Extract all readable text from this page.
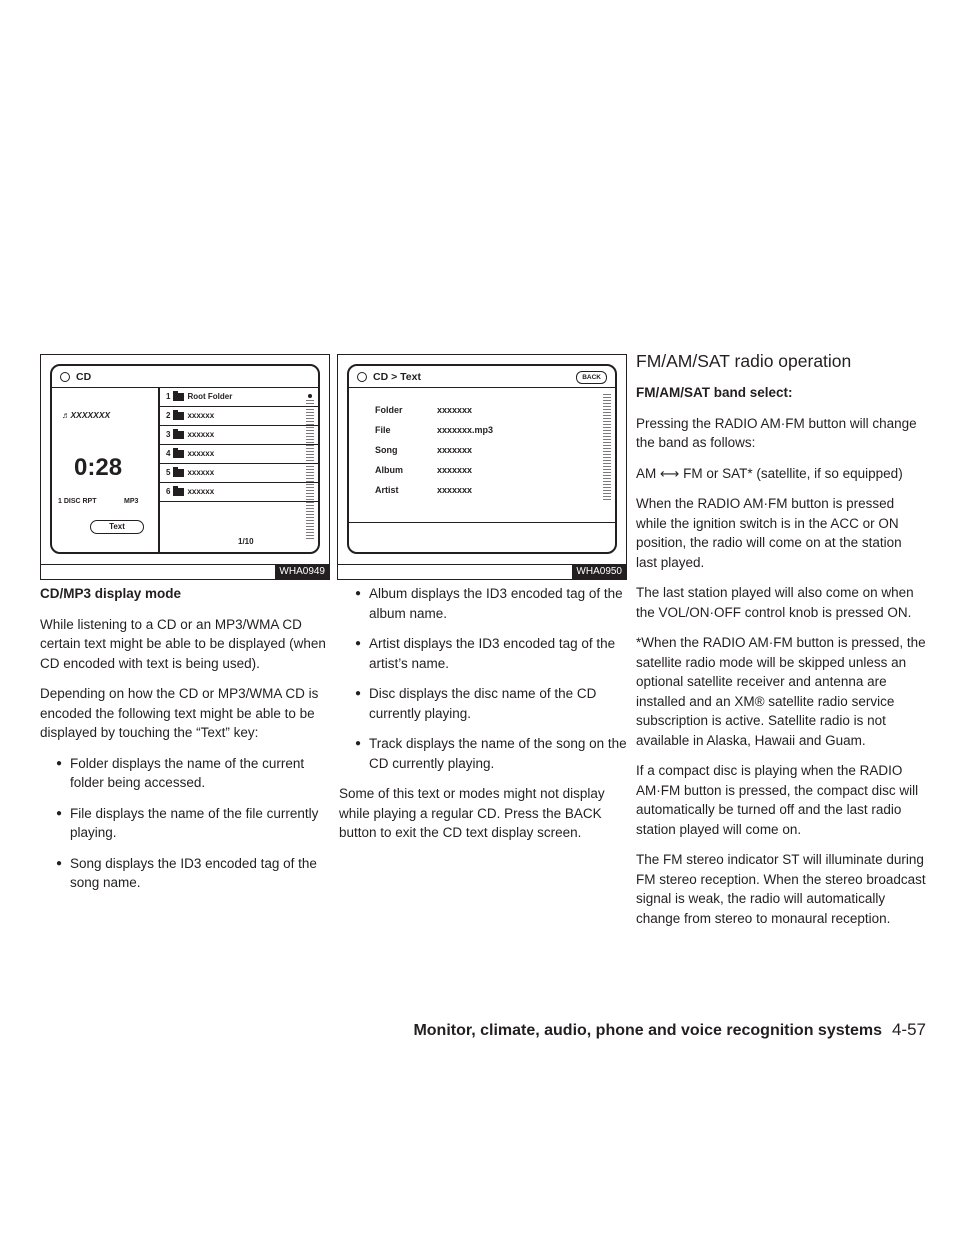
CD
♬XXXXXXX
0:28
1 DISC RPT	MP3
Text
1 Root Folder
2 xxxxxx
3 xxxxxx
4 xxxxxx
5 xxxxxx
6 xxxxxx
1/10
WHA0949
CD > Text	BACK
Folder	xxxxxxx
File	xxxxxxx.mp3
Song	xxxxxxx
Album	xxxxxxx
Artist	xxxxxxx
WHA0950

CD/MP3 display mode

While listening to a CD or an MP3/WMA CD certain text might be able to be displayed (when CD encoded with text is being used).

Depending on how the CD or MP3/WMA CD is encoded the following text might be able to be displayed by touching the “Text” key:

● Folder displays the name of the current folder being accessed.
● File displays the name of the file currently playing.
● Song displays the ID3 encoded tag of the song name.
● Album displays the ID3 encoded tag of the album name.
● Artist displays the ID3 encoded tag of the artist’s name.
● Disc displays the disc name of the CD currently playing.
● Track displays the name of the song on the CD currently playing.

Some of this text or modes might not display while playing a regular CD. Press the BACK button to exit the CD text display screen.

FM/AM/SAT radio operation

FM/AM/SAT band select:

Pressing the RADIO AM·FM button will change the band as follows:

AM ⟷ FM or SAT* (satellite, if so equipped)

When the RADIO AM·FM button is pressed while the ignition switch is in the ACC or ON position, the radio will come on at the station last played.

The last station played will also come on when the VOL/ON·OFF control knob is pressed ON.

*When the RADIO AM·FM button is pressed, the satellite radio mode will be skipped unless an optional satellite receiver and antenna are installed and an XM® satellite radio service subscription is active. Satellite radio is not available in Alaska, Hawaii and Guam.

If a compact disc is playing when the RADIO AM·FM button is pressed, the compact disc will automatically be turned off and the last radio station played will come on.

The FM stereo indicator ST will illuminate during FM stereo reception. When the stereo broadcast signal is weak, the radio will automatically change from stereo to monaural reception.

Monitor, climate, audio, phone and voice recognition systems 4-57
